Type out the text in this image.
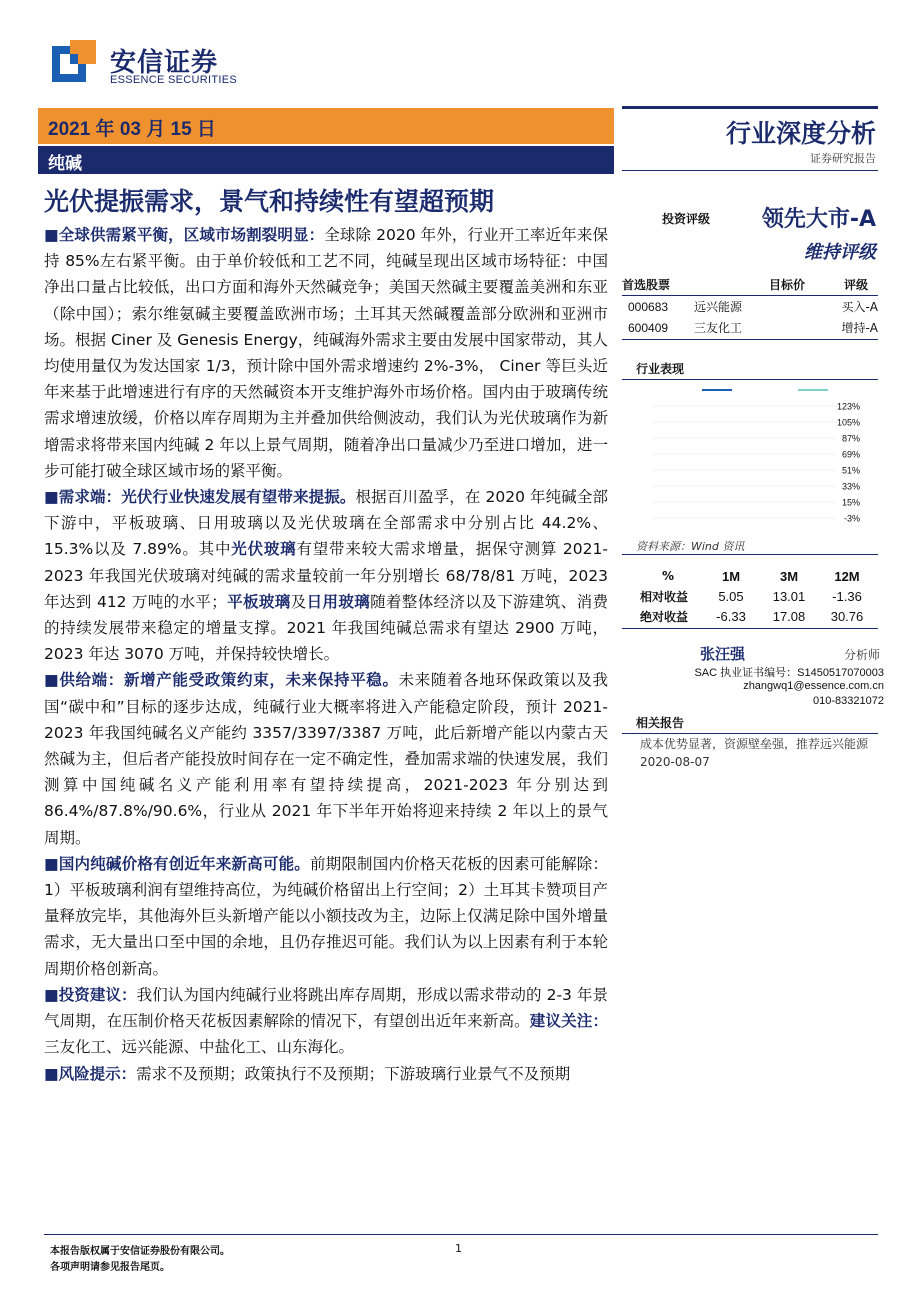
安信证券
ESSENCE SECURITIES
2021 年 03 月 15 日
纯碱
行业深度分析
证券研究报告
光伏提振需求，景气和持续性有望超预期

■全球供需紧平衡，区域市场割裂明显：全球除 2020 年外，行业开工率近年来保持 85%左右紧平衡。由于单价较低和工艺不同，纯碱呈现出区域市场特征：中国净出口量占比较低，出口方面和海外天然碱竞争；美国天然碱主要覆盖美洲和东亚（除中国）；索尔维氨碱主要覆盖欧洲市场；土耳其天然碱覆盖部分欧洲和亚洲市场。根据 Ciner 及 Genesis Energy，纯碱海外需求主要由发展中国家带动，其人均使用量仅为发达国家 1/3，预计除中国外需求增速约 2%-3%， Ciner 等巨头近年来基于此增速进行有序的天然碱资本开支维护海外市场价格。国内由于玻璃传统需求增速放缓，价格以库存周期为主并叠加供给侧波动，我们认为光伏玻璃作为新增需求将带来国内纯碱 2 年以上景气周期，随着净出口量减少乃至进口增加，进一步可能打破全球区域市场的紧平衡。

■需求端：光伏行业快速发展有望带来提振。根据百川盈孚，在 2020 年纯碱全部下游中，平板玻璃、日用玻璃以及光伏玻璃在全部需求中分别占比 44.2%、15.3%以及 7.89%。其中光伏玻璃有望带来较大需求增量，据保守测算 2021-2023 年我国光伏玻璃对纯碱的需求量较前一年分别增长 68/78/81 万吨，2023 年达到 412 万吨的水平；平板玻璃及日用玻璃随着整体经济以及下游建筑、消费的持续发展带来稳定的增量支撑。2021 年我国纯碱总需求有望达 2900 万吨，2023 年达 3070 万吨，并保持较快增长。

■供给端：新增产能受政策约束，未来保持平稳。未来随着各地环保政策以及我国“碳中和”目标的逐步达成，纯碱行业大概率将进入产能稳定阶段，预计 2021-2023 年我国纯碱名义产能约 3357/3397/3387 万吨，此后新增产能以内蒙古天然碱为主，但后者产能投放时间存在一定不确定性，叠加需求端的快速发展，我们测算中国纯碱名义产能利用率有望持续提高，2021-2023 年分别达到 86.4%/87.8%/90.6%，行业从 2021 年下半年开始将迎来持续 2 年以上的景气周期。

■国内纯碱价格有创近年来新高可能。前期限制国内价格天花板的因素可能解除：1）平板玻璃利润有望维持高位，为纯碱价格留出上行空间；2）土耳其卡赞项目产量释放完毕，其他海外巨头新增产能以小额技改为主，边际上仅满足除中国外增量需求，无大量出口至中国的余地，且仍存推迟可能。我们认为以上因素有利于本轮周期价格创新高。

■投资建议：我们认为国内纯碱行业将跳出库存周期，形成以需求带动的 2-3 年景气周期，在压制价格天花板因素解除的情况下，有望创出近年来新高。建议关注：三友化工、远兴能源、中盐化工、山东海化。

■风险提示：需求不及预期；政策执行不及预期；下游玻璃行业景气不及预期

投资评级 领先大市-A
维持评级
首选股票	目标价	评级
000683	远兴能源	买入-A
600409	三友化工	增持-A
行业表现
123%
105%
87%
69%
51%
33%
15%
-3%
资料来源：Wind 资讯
%	1M	3M	12M
相对收益	5.05	13.01	-1.36
绝对收益	-6.33	17.08	30.76
张汪强	分析师
SAC 执业证书编号：S1450517070003
zhangwq1@essence.com.cn
010-83321072
相关报告
成本优势显著，资源壁垒强，推荐远兴能源 2020-08-07
本报告版权属于安信证券股份有限公司。
各项声明请参见报告尾页。
1
